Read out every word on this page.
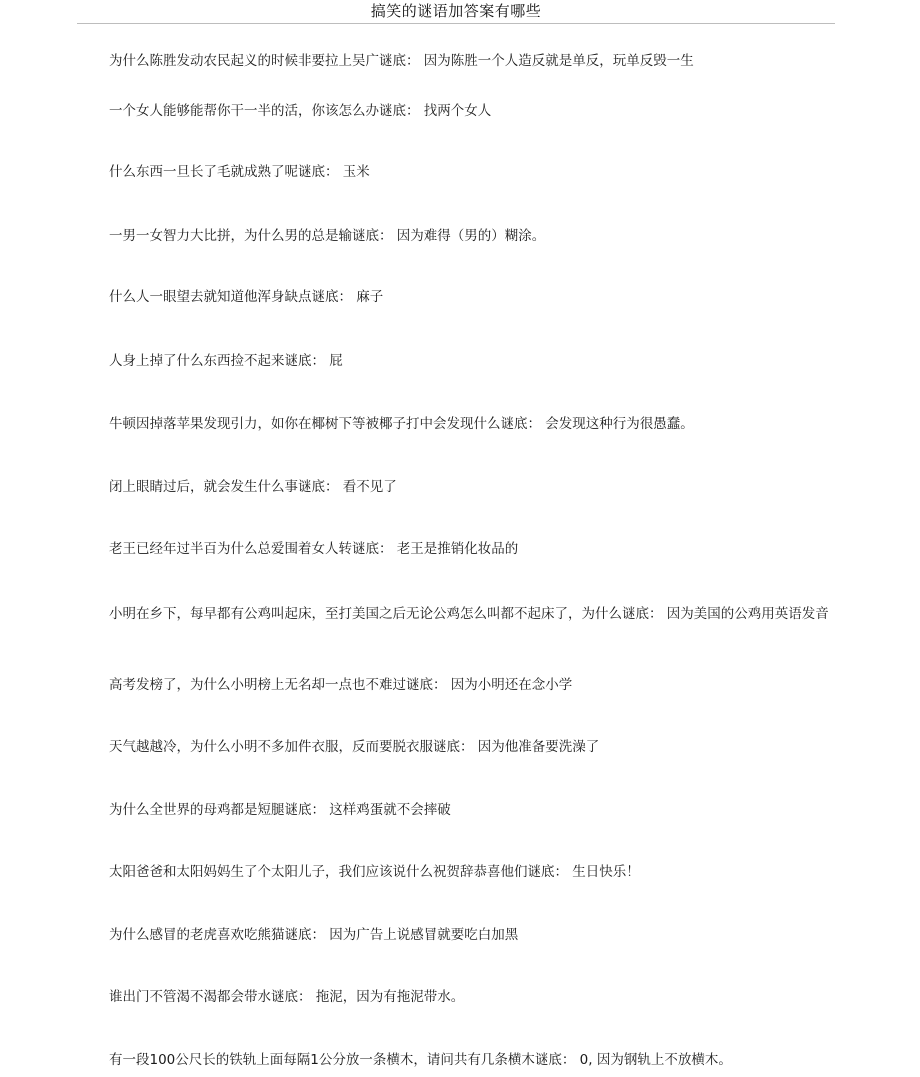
搞笑的谜语加答案有哪些

为什么陈胜发动农民起义的时候非要拉上吴广谜底： 因为陈胜一个人造反就是单反，玩单反毁一生

一个女人能够能帮你干一半的活，你该怎么办谜底： 找两个女人

什么东西一旦长了毛就成熟了呢谜底： 玉米

一男一女智力大比拼，为什么男的总是输谜底： 因为难得（男的）糊涂。

什么人一眼望去就知道他浑身缺点谜底： 麻子

人身上掉了什么东西捡不起来谜底： 屁

牛顿因掉落苹果发现引力，如你在椰树下等被椰子打中会发现什么谜底： 会发现这种行为很愚蠢。

闭上眼睛过后，就会发生什么事谜底： 看不见了

老王已经年过半百为什么总爱围着女人转谜底： 老王是推销化妆品的

小明在乡下，每早都有公鸡叫起床，至打美国之后无论公鸡怎么叫都不起床了，为什么谜底： 因为美国的公鸡用英语发音

高考发榜了，为什么小明榜上无名却一点也不难过谜底： 因为小明还在念小学

天气越越冷，为什么小明不多加件衣服，反而要脱衣服谜底： 因为他准备要洗澡了

为什么全世界的母鸡都是短腿谜底： 这样鸡蛋就不会摔破

太阳爸爸和太阳妈妈生了个太阳儿子，我们应该说什么祝贺辞恭喜他们谜底： 生日快乐！

为什么感冒的老虎喜欢吃熊猫谜底： 因为广告上说感冒就要吃白加黑

谁出门不管渴不渴都会带水谜底： 拖泥，因为有拖泥带水。

有一段100公尺长的铁轨上面每隔1公分放一条横木，请问共有几条横木谜底： 0, 因为钢轨上不放横木。
